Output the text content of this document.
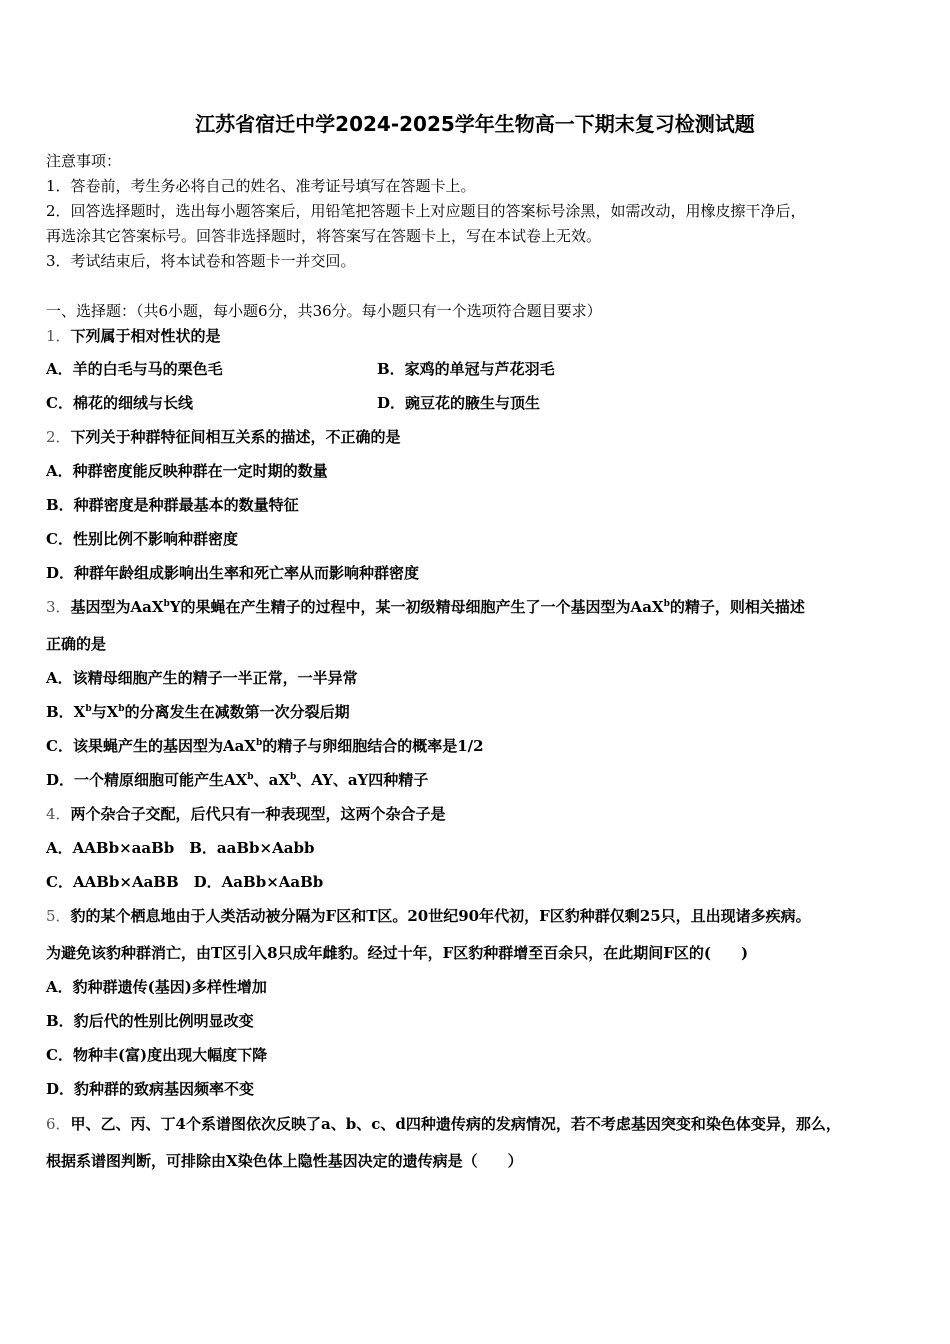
江苏省宿迁中学2024-2025学年生物高一下期末复习检测试题
注意事项：
1．答卷前，考生务必将自己的姓名、准考证号填写在答题卡上。
2．回答选择题时，选出每小题答案后，用铅笔把答题卡上对应题目的答案标号涂黑，如需改动，用橡皮擦干净后，
再选涂其它答案标号。回答非选择题时，将答案写在答题卡上，写在本试卷上无效。
3．考试结束后，将本试卷和答题卡一并交回。
一、选择题：（共6小题，每小题6分，共36分。每小题只有一个选项符合题目要求）
1．下列属于相对性状的是
A．羊的白毛与马的栗色毛	B．家鸡的单冠与芦花羽毛
C．棉花的细绒与长线	D．豌豆花的腋生与顶生
2．下列关于种群特征间相互关系的描述，不正确的是
A．种群密度能反映种群在一定时期的数量
B．种群密度是种群最基本的数量特征
C．性别比例不影响种群密度
D．种群年龄组成影响出生率和死亡率从而影响种群密度
3．基因型为AaX$^b$Y的果蝇在产生精子的过程中，某一初级精母细胞产生了一个基因型为AaX$^b$的精子，则相关描述
正确的是
A．该精母细胞产生的精子一半正常，一半异常
B．$X^b$与$X^b$的分离发生在减数第一次分裂后期
C．该果蝇产生的基因型为AaX$^b$的精子与卵细胞结合的概率是1/2
D．一个精原细胞可能产生$AX^b$、$aX^b$、AY、aY四种精子
4．两个杂合子交配，后代只有一种表现型，这两个杂合子是
A．AABb×aaBb　B．aaBb×Aabb
C．AABb×AaBB　D．AaBb×AaBb
5．豹的某个栖息地由于人类活动被分隔为F区和T区。20世纪90年代初，F区豹种群仅剩25只，且出现诸多疾病。
为避免该豹种群消亡，由T区引入8只成年雌豹。经过十年，F区豹种群增至百余只，在此期间F区的(　　)
A．豹种群遗传(基因)多样性增加
B．豹后代的性别比例明显改变
C．物种丰(富)度出现大幅度下降
D．豹种群的致病基因频率不变
6．甲、乙、丙、丁4个系谱图依次反映了a、b、c、d四种遗传病的发病情况，若不考虑基因突变和染色体变异，那么，
根据系谱图判断，可排除由X染色体上隐性基因决定的遗传病是（　　）
